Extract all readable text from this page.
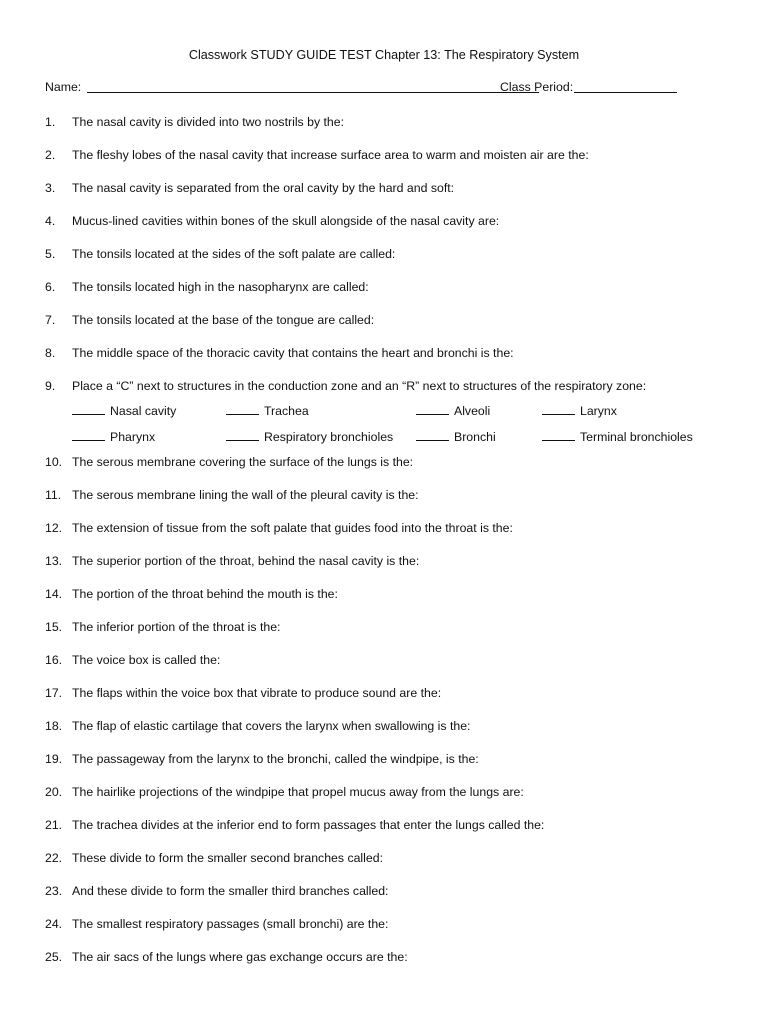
Classwork STUDY GUIDE TEST Chapter 13: The Respiratory System
Name:	Class Period:
1.	The nasal cavity is divided into two nostrils by the:
2.	The fleshy lobes of the nasal cavity that increase surface area to warm and moisten air are the:
3.	The nasal cavity is separated from the oral cavity by the hard and soft:
4.	Mucus-lined cavities within bones of the skull alongside of the nasal cavity are:
5.	The tonsils located at the sides of the soft palate are called:
6.	The tonsils located high in the nasopharynx are called:
7.	The tonsils located at the base of the tongue are called:
8.	The middle space of the thoracic cavity that contains the heart and bronchi is the:
9.	Place a “C” next to structures in the conduction zone and an “R” next to structures of the respiratory zone:
10. The serous membrane covering the surface of the lungs is the:
11. The serous membrane lining the wall of the pleural cavity is the:
12. The extension of tissue from the soft palate that guides food into the throat is the:
13. The superior portion of the throat, behind the nasal cavity is the:
14. The portion of the throat behind the mouth is the:
15. The inferior portion of the throat is the:
16. The voice box is called the:
17. The flaps within the voice box that vibrate to produce sound are the:
18. The flap of elastic cartilage that covers the larynx when swallowing is the:
19. The passageway from the larynx to the bronchi, called the windpipe, is the:
20. The hairlike projections of the windpipe that propel mucus away from the lungs are:
21. The trachea divides at the inferior end to form passages that enter the lungs called the:
22. These divide to form the smaller second branches called:
23. And these divide to form the smaller third branches called:
24. The smallest respiratory passages (small bronchi) are the:
25. The air sacs of the lungs where gas exchange occurs are the:
Nasal cavity	Trachea	Alveoli	Larynx
Pharynx	Respiratory bronchioles	Bronchi	Terminal bronchioles
